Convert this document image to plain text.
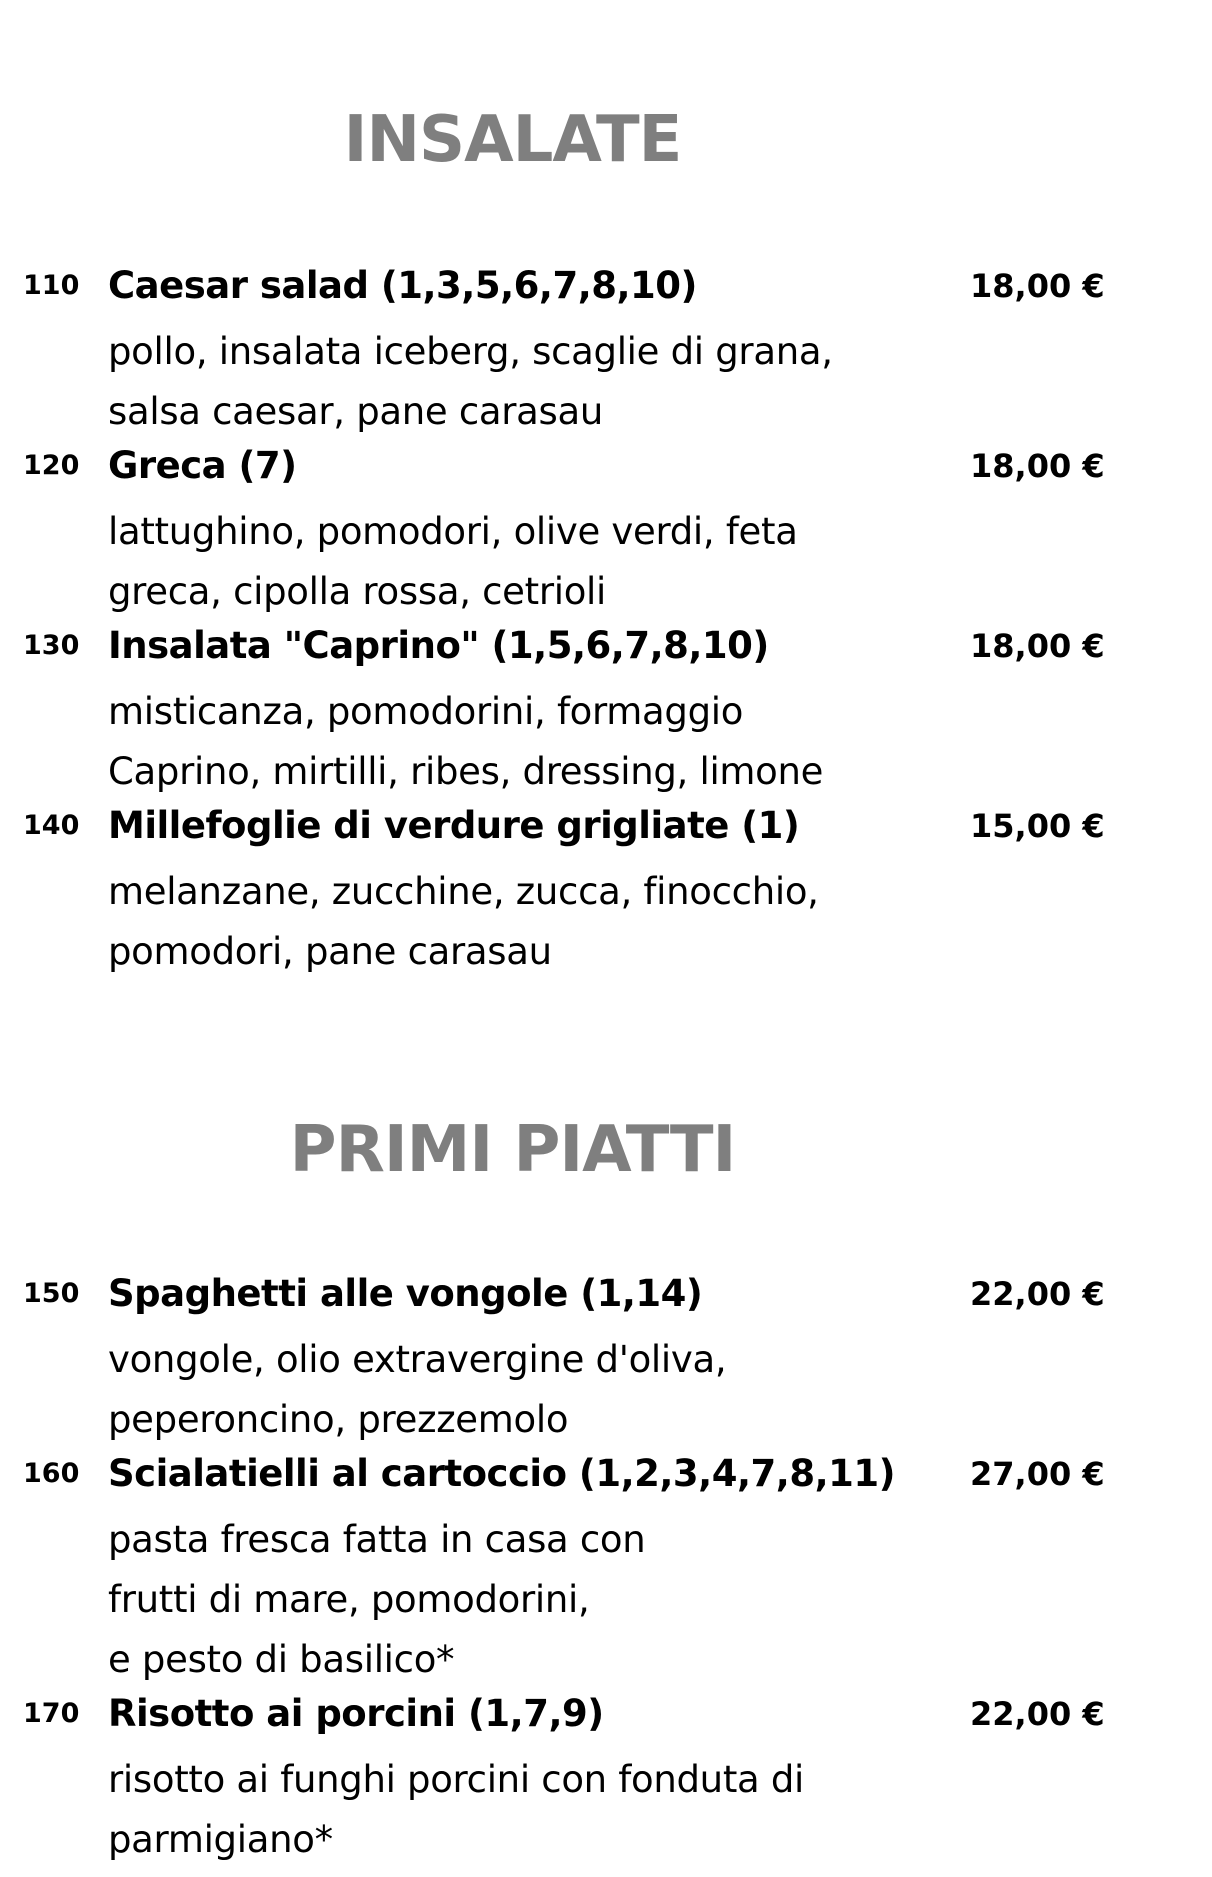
INSALATE
110 Caesar salad (1,3,5,6,7,8,10)	18,00 €
pollo, insalata iceberg, scaglie di grana,
salsa caesar, pane carasau
120 Greca (7)	18,00 €
lattughino, pomodori, olive verdi, feta
greca, cipolla rossa, cetrioli
130 Insalata "Caprino" (1,5,6,7,8,10)	18,00 €
misticanza, pomodorini, formaggio
Caprino, mirtilli, ribes, dressing, limone
140 Millefoglie di verdure grigliate (1)	15,00 €
melanzane, zucchine, zucca, finocchio,
pomodori, pane carasau
PRIMI PIATTI
150 Spaghetti alle vongole (1,14)	22,00 €
vongole, olio extravergine d'oliva,
peperoncino, prezzemolo
160 Scialatielli al cartoccio (1,2,3,4,7,8,11) 27,00 €
pasta fresca fatta in casa con
frutti di mare, pomodorini,
e pesto di basilico*
170 Risotto ai porcini (1,7,9)	22,00 €
risotto ai funghi porcini con fonduta di
parmigiano*
